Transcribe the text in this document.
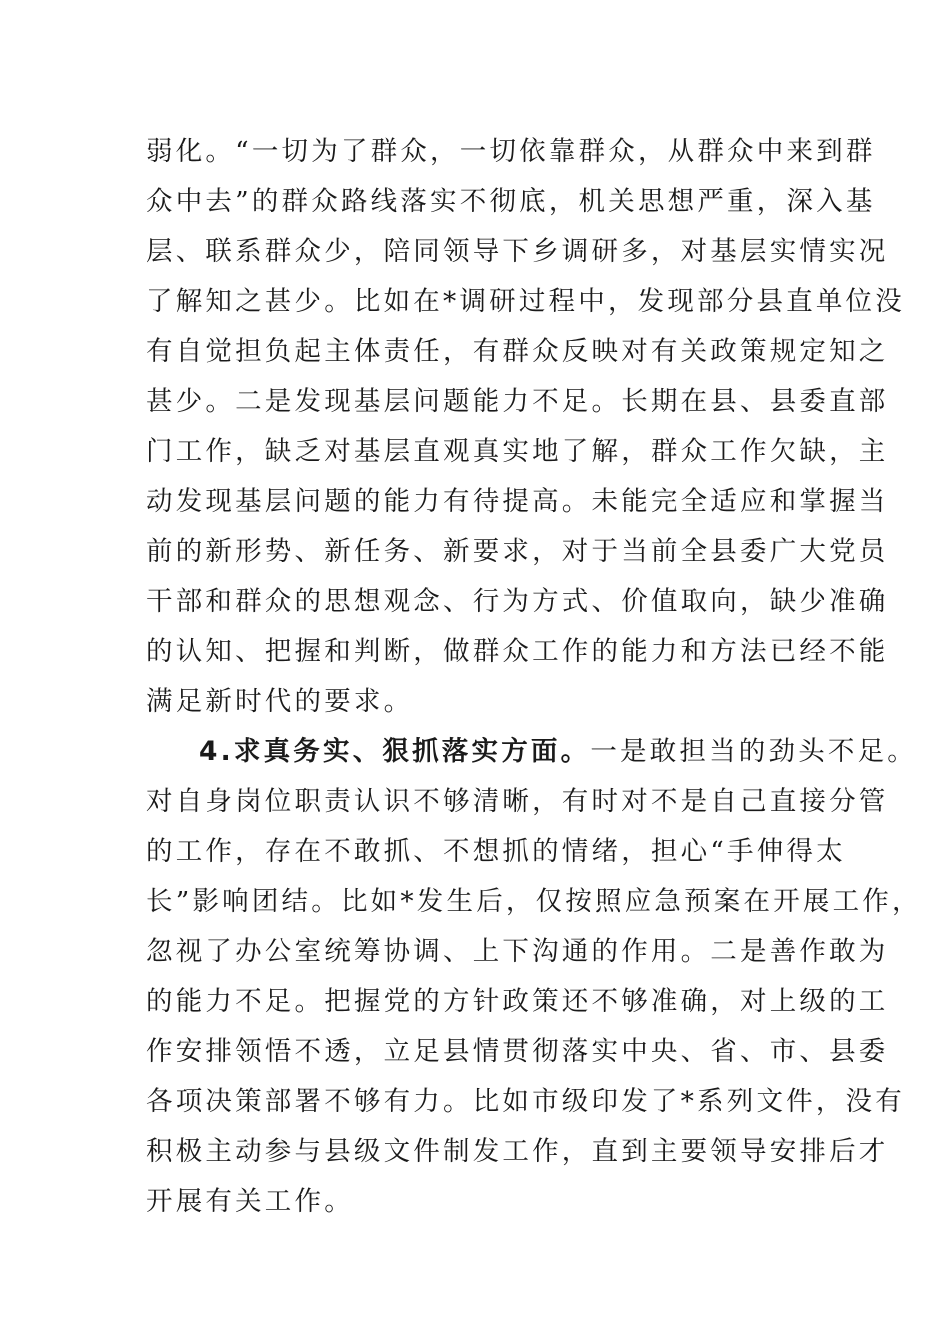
弱化。“一切为了群众，一切依靠群众，从群众中来到群
众中去”的群众路线落实不彻底，机关思想严重，深入基
层、联系群众少，陪同领导下乡调研多，对基层实情实况
了解知之甚少。比如在*调研过程中，发现部分县直单位没
有自觉担负起主体责任，有群众反映对有关政策规定知之
甚少。二是发现基层问题能力不足。长期在县、县委直部
门工作，缺乏对基层直观真实地了解，群众工作欠缺，主
动发现基层问题的能力有待提高。未能完全适应和掌握当
前的新形势、新任务、新要求，对于当前全县委广大党员
干部和群众的思想观念、行为方式、价值取向，缺少准确
的认知、把握和判断，做群众工作的能力和方法已经不能
满足新时代的要求。
4.求真务实、狠抓落实方面。一是敢担当的劲头不足。
对自身岗位职责认识不够清晰，有时对不是自己直接分管
的工作，存在不敢抓、不想抓的情绪，担心“手伸得太
长”影响团结。比如*发生后，仅按照应急预案在开展工作，
忽视了办公室统筹协调、上下沟通的作用。二是善作敢为
的能力不足。把握党的方针政策还不够准确，对上级的工
作安排领悟不透，立足县情贯彻落实中央、省、市、县委
各项决策部署不够有力。比如市级印发了*系列文件，没有
积极主动参与县级文件制发工作，直到主要领导安排后才
开展有关工作。
